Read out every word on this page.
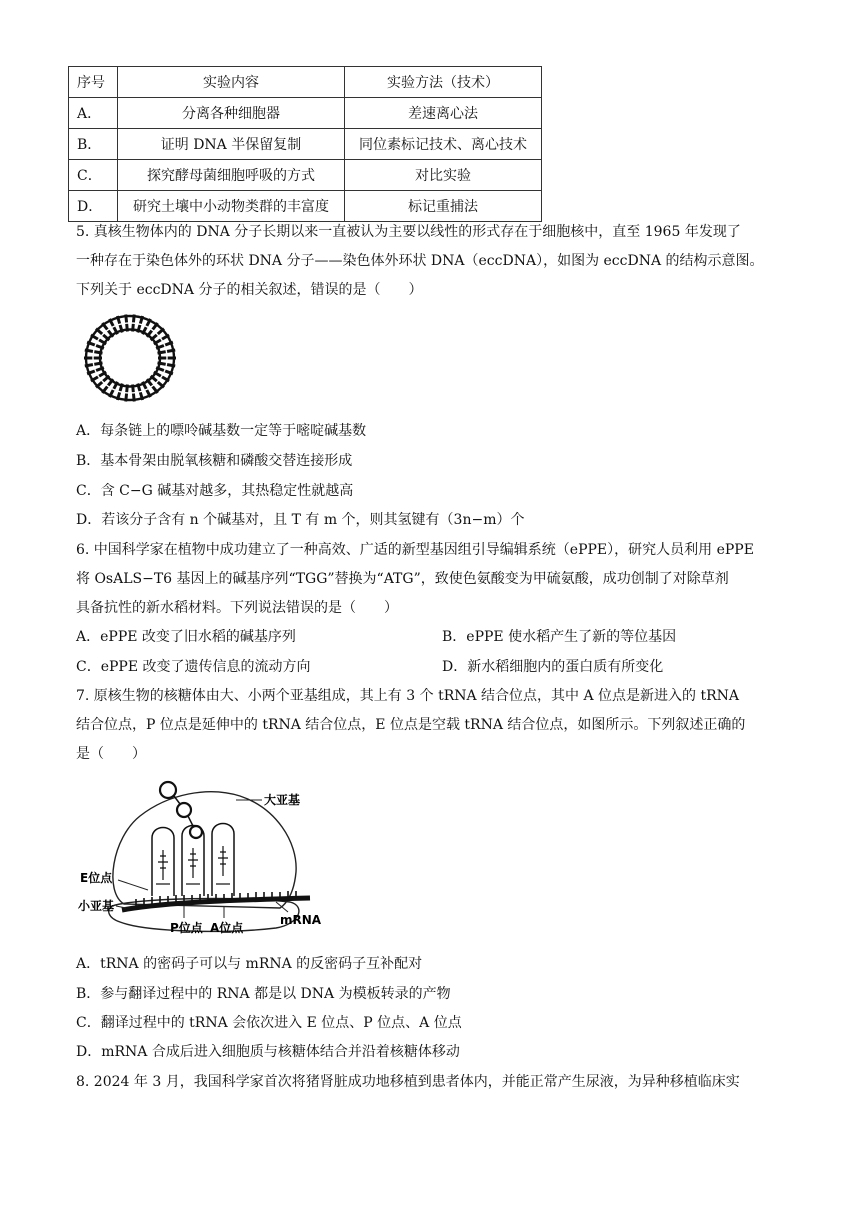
序号	实验内容	实验方法（技术）
A．	分离各种细胞器	差速离心法
B．	证明 DNA 半保留复制	同位素标记技术、离心技术
C．	探究酵母菌细胞呼吸的方式	对比实验
D．	研究土壤中小动物类群的丰富度	标记重捕法
5. 真核生物体内的 DNA 分子长期以来一直被认为主要以线性的形式存在于细胞核中，直至 1965 年发现了
一种存在于染色体外的环状 DNA 分子——染色体外环状 DNA（eccDNA），如图为 eccDNA 的结构示意图。
下列关于 eccDNA 分子的相关叙述，错误的是（　　）
A．每条链上的嘌呤碱基数一定等于嘧啶碱基数
B．基本骨架由脱氧核糖和磷酸交替连接形成
C．含 C−G 碱基对越多，其热稳定性就越高
D．若该分子含有 n 个碱基对，且 T 有 m 个，则其氢键有（3n−m）个
6. 中国科学家在植物中成功建立了一种高效、广适的新型基因组引导编辑系统（ePPE），研究人员利用 ePPE
将 OsALS−T6 基因上的碱基序列“TGG”替换为“ATG”，致使色氨酸变为甲硫氨酸，成功创制了对除草剂
具备抗性的新水稻材料。下列说法错误的是（　　）
A．ePPE 改变了旧水稻的碱基序列	B．ePPE 使水稻产生了新的等位基因
C．ePPE 改变了遗传信息的流动方向	D．新水稻细胞内的蛋白质有所变化
7. 原核生物的核糖体由大、小两个亚基组成，其上有 3 个 tRNA 结合位点，其中 A 位点是新进入的 tRNA
结合位点，P 位点是延伸中的 tRNA 结合位点，E 位点是空载 tRNA 结合位点，如图所示。下列叙述正确的
是（　　）
大亚基
E位点
小亚基
P位点 A位点
mRNA
A．tRNA 的密码子可以与 mRNA 的反密码子互补配对
B．参与翻译过程中的 RNA 都是以 DNA 为模板转录的产物
C．翻译过程中的 tRNA 会依次进入 E 位点、P 位点、A 位点
D．mRNA 合成后进入细胞质与核糖体结合并沿着核糖体移动
8. 2024 年 3 月，我国科学家首次将猪肾脏成功地移植到患者体内，并能正常产生尿液，为异种移植临床实
